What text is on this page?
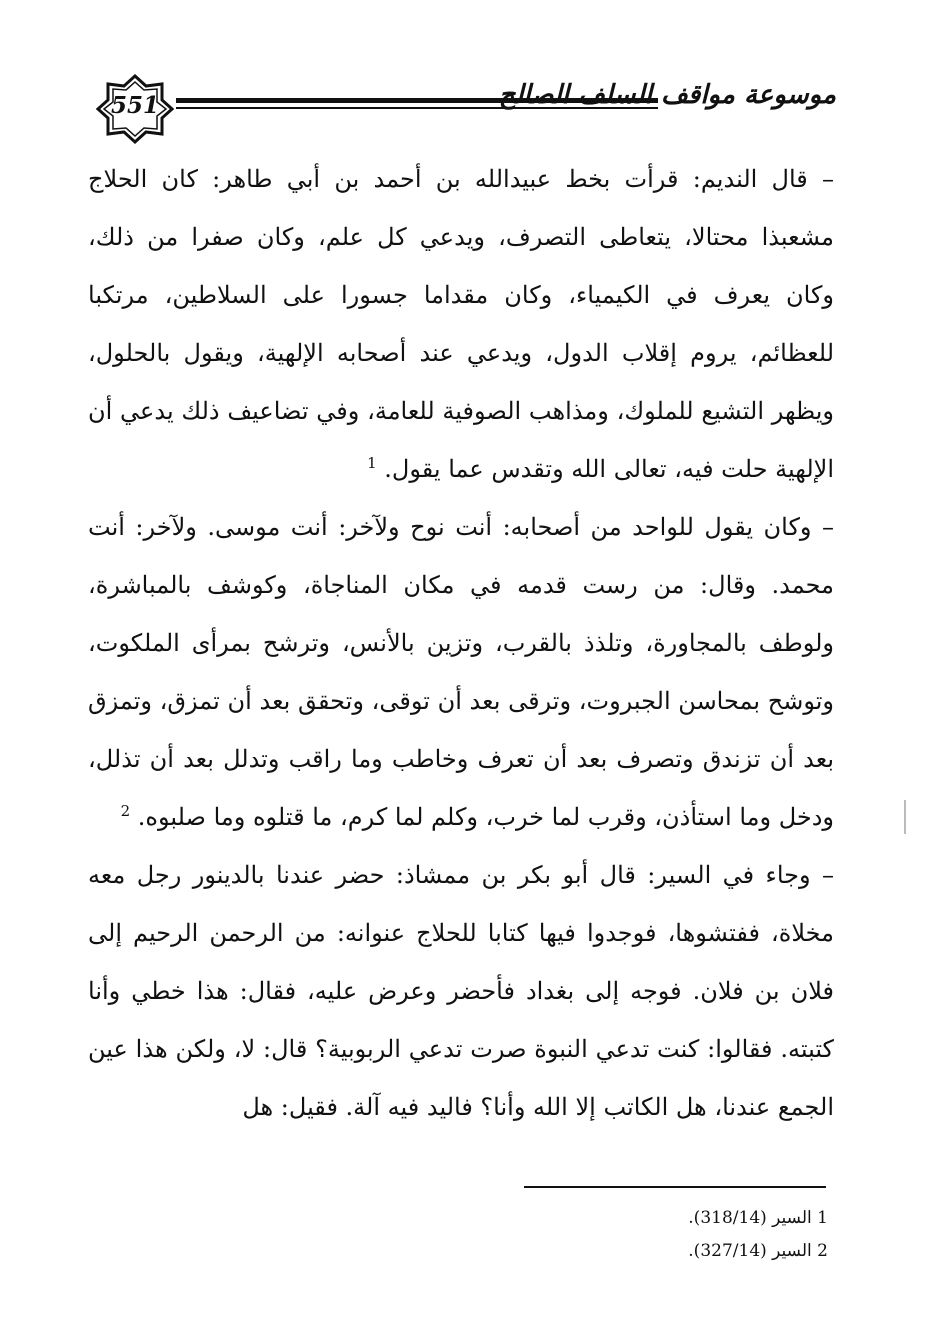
موسوعة مواقف السلف الصالح
551

– قال النديم: قرأت بخط عبيدالله بن أحمد بن أبي طاهر: كان الحلاج مشعبذا محتالا، يتعاطى التصرف، ويدعي كل علم، وكان صفرا من ذلك، وكان يعرف في الكيمياء، وكان مقداما جسورا على السلاطين، مرتكبا للعظائم، يروم إقلاب الدول، ويدعي عند أصحابه الإلهية، ويقول بالحلول، ويظهر التشيع للملوك، ومذاهب الصوفية للعامة، وفي تضاعيف ذلك يدعي أن الإلهية حلت فيه، تعالى الله وتقدس عما يقول. $^1$

– وكان يقول للواحد من أصحابه: أنت نوح ولآخر: أنت موسى. ولآخر: أنت محمد. وقال: من رست قدمه في مكان المناجاة، وكوشف بالمباشرة، ولوطف بالمجاورة، وتلذذ بالقرب، وتزين بالأنس، وترشح بمرأى الملكوت، وتوشح بمحاسن الجبروت، وترقى بعد أن توقى، وتحقق بعد أن تمزق، وتمزق بعد أن تزندق وتصرف بعد أن تعرف وخاطب وما راقب وتدلل بعد أن تذلل، ودخل وما استأذن، وقرب لما خرب، وكلم لما كرم، ما قتلوه وما صلبوه. $^2$

– وجاء في السير: قال أبو بكر بن ممشاذ: حضر عندنا بالدينور رجل معه مخلاة، ففتشوها، فوجدوا فيها كتابا للحلاج عنوانه: من الرحمن الرحيم إلى فلان بن فلان. فوجه إلى بغداد فأحضر وعرض عليه، فقال: هذا خطي وأنا كتبته. فقالوا: كنت تدعي النبوة صرت تدعي الربوبية؟ قال: لا، ولكن هذا عين الجمع عندنا، هل الكاتب إلا الله وأنا؟ فاليد فيه آلة. فقيل: هل

1 السير (318/14).
2 السير (327/14).
